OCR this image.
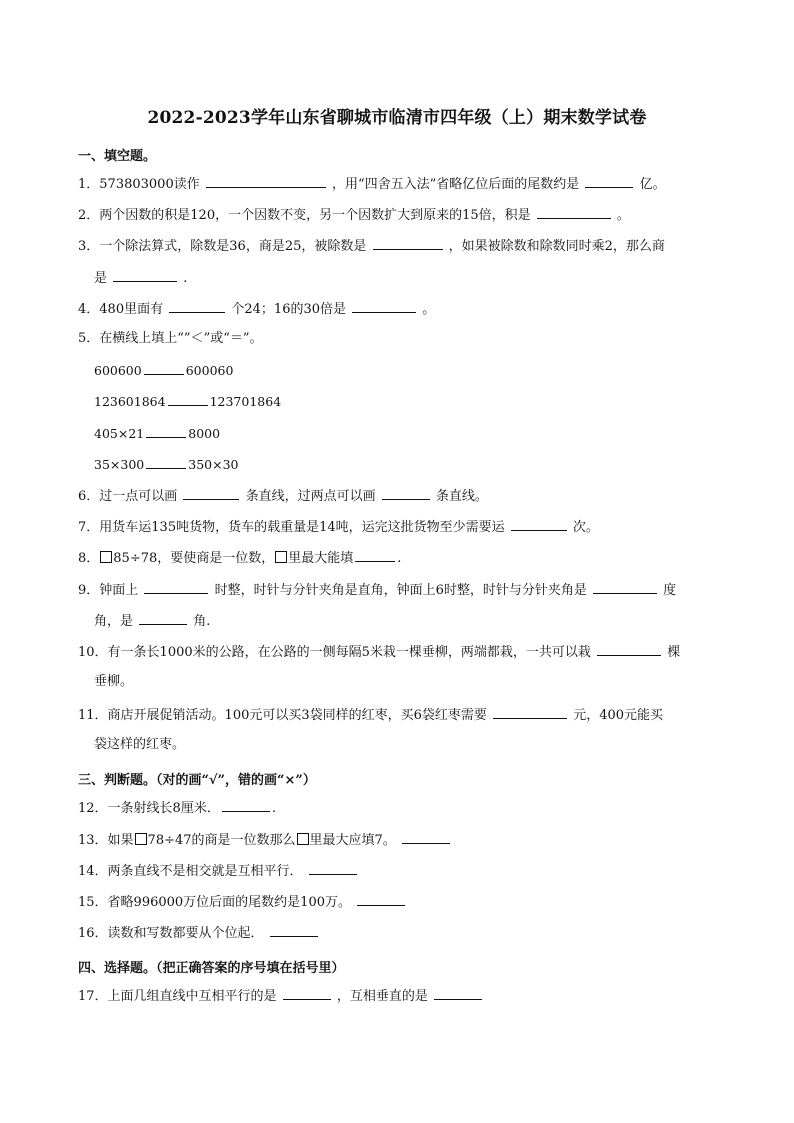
2022-2023学年山东省聊城市临清市四年级（上）期末数学试卷
一、填空题。
1．573803000读作	，用“四舍五入法”省略亿位后面的尾数约是	亿。
2．两个因数的积是120，一个因数不变，另一个因数扩大到原来的15倍，积是	。
3．一个除法算式，除数是36，商是25，被除数是	，如果被除数和除数同时乘2，那么商
是	.
4．480里面有	个24；16的30倍是	。
5．在横线上填上“”＜”或“＝”。
600600	600060
123601864	123701864
405×21	8000
35×300	350×30
6．过一点可以画	条直线，过两点可以画	条直线。
7．用货车运135吨货物，货车的载重量是14吨，运完这批货物至少需要运	次。
8． 85÷78，要使商是一位数， 里最大能填	.
9．钟面上	时整，时针与分针夹角是直角，钟面上6时整，时针与分针夹角是	度
角，是	角.
10．有一条长1000米的公路，在公路的一侧每隔5米栽一棵垂柳，两端都栽，一共可以栽	棵
垂柳。
11．商店开展促销活动。100元可以买3袋同样的红枣，买6袋红枣需要	元，400元能买
袋这样的红枣。
三、判断题。（对的画“√”，错的画“×”）
12．一条射线长8厘米．	.
13．如果 78÷47的商是一位数那么 里最大应填7。
14．两条直线不是相交就是互相平行．
15．省略996000万位后面的尾数约是100万。
16．读数和写数都要从个位起．
四、选择题。（把正确答案的序号填在括号里）
17．上面几组直线中互相平行的是	，互相垂直的是
